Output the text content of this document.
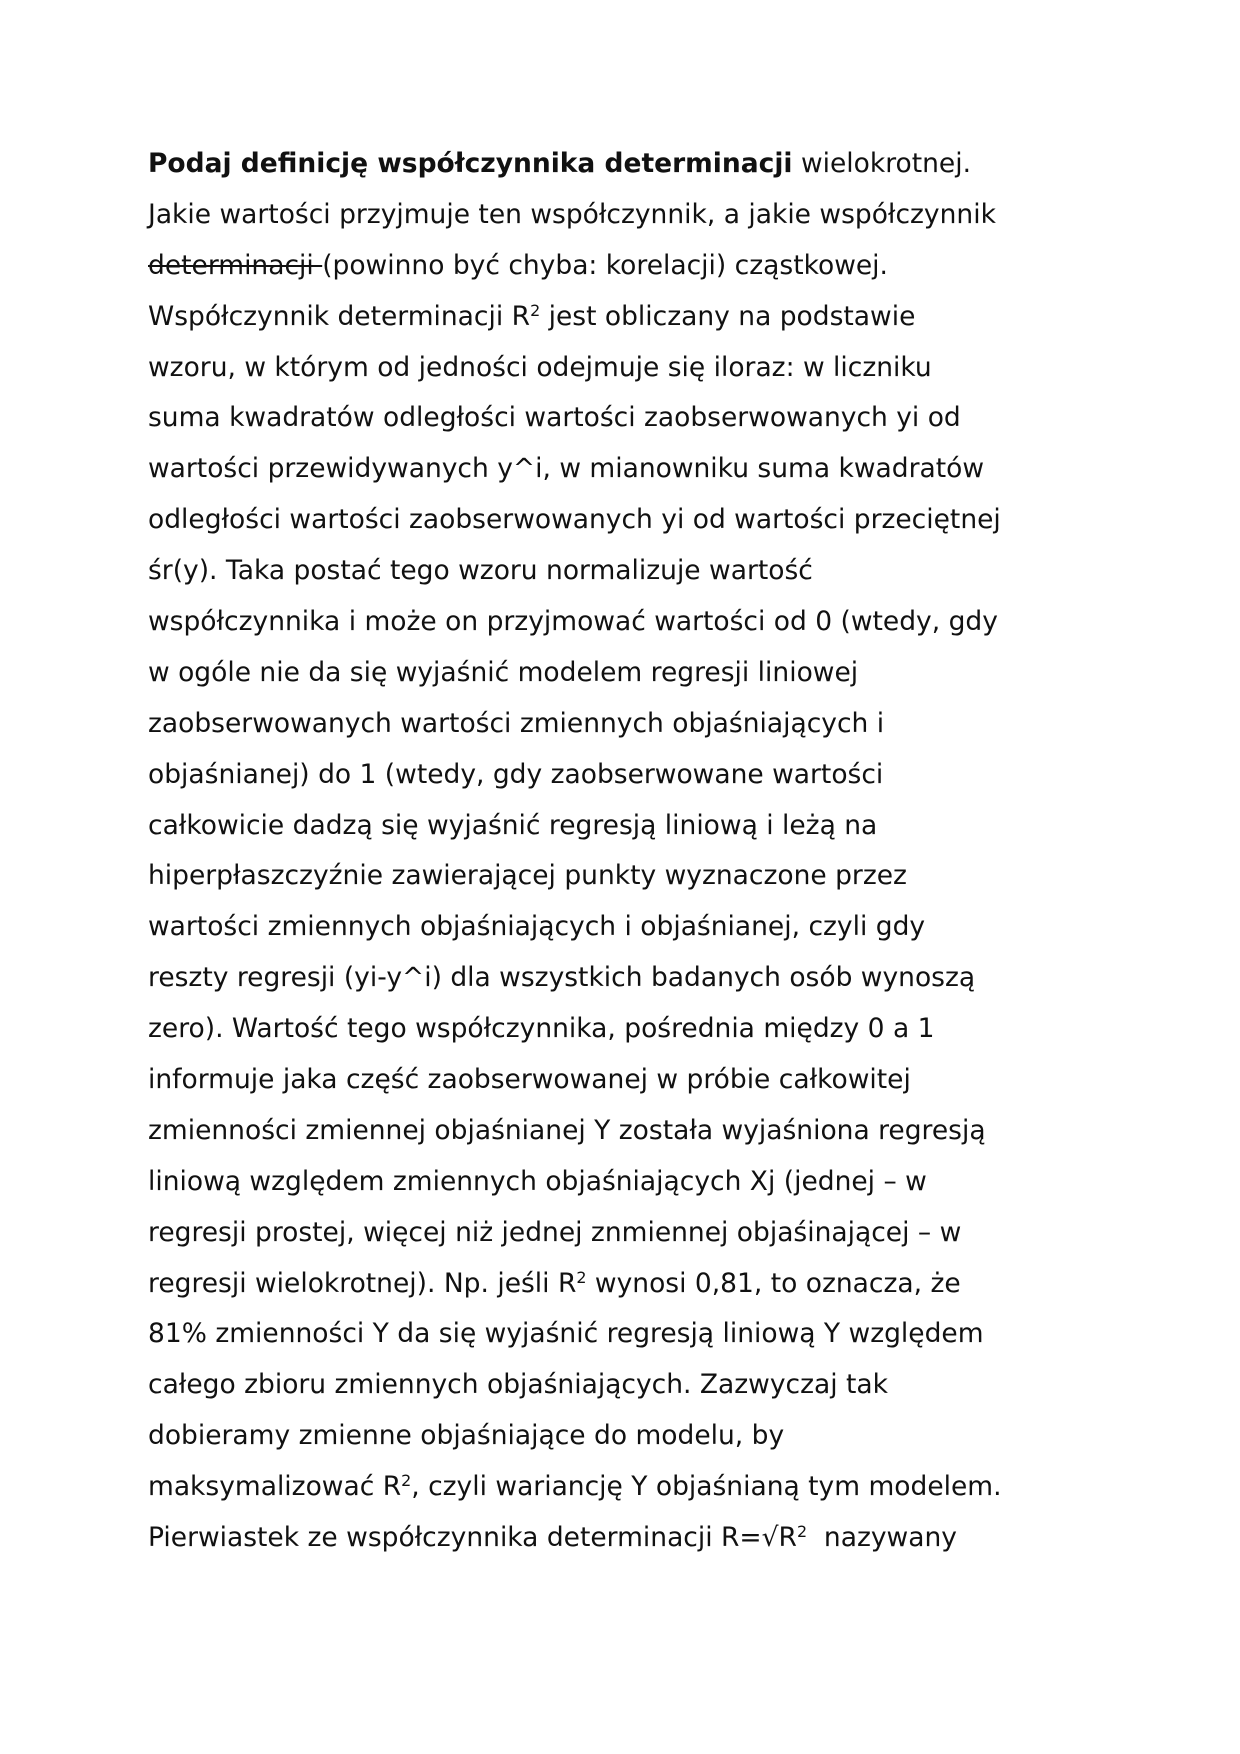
Podaj definicję współczynnika determinacji wielokrotnej.
Jakie wartości przyjmuje ten współczynnik, a jakie współczynnik
determinacji (powinno być chyba: korelacji) cząstkowej.
Współczynnik determinacji $R^2$ jest obliczany na podstawie
wzoru, w którym od jedności odejmuje się iloraz: w liczniku
suma kwadratów odległości wartości zaobserwowanych yi od
wartości przewidywanych y^i, w mianowniku suma kwadratów
odległości wartości zaobserwowanych yi od wartości przeciętnej
śr(y). Taka postać tego wzoru normalizuje wartość
współczynnika i może on przyjmować wartości od 0 (wtedy, gdy
w ogóle nie da się wyjaśnić modelem regresji liniowej
zaobserwowanych wartości zmiennych objaśniających i
objaśnianej) do 1 (wtedy, gdy zaobserwowane wartości
całkowicie dadzą się wyjaśnić regresją liniową i leżą na
hiperpłaszczyźnie zawierającej punkty wyznaczone przez
wartości zmiennych objaśniających i objaśnianej, czyli gdy
reszty regresji (yi-y^i) dla wszystkich badanych osób wynoszą
zero). Wartość tego współczynnika, pośrednia między 0 a 1
informuje jaka część zaobserwowanej w próbie całkowitej
zmienności zmiennej objaśnianej Y została wyjaśniona regresją
liniową względem zmiennych objaśniających Xj (jednej – w
regresji prostej, więcej niż jednej znmiennej objaśinającej – w
regresji wielokrotnej). Np. jeśli $R^2$ wynosi 0,81, to oznacza, że
81% zmienności Y da się wyjaśnić regresją liniową Y względem
całego zbioru zmiennych objaśniających. Zazwyczaj tak
dobieramy zmienne objaśniające do modelu, by
maksymalizować $R^2$, czyli wariancję Y objaśnianą tym modelem.
Pierwiastek ze współczynnika determinacji $R=√R^2$  nazywany
